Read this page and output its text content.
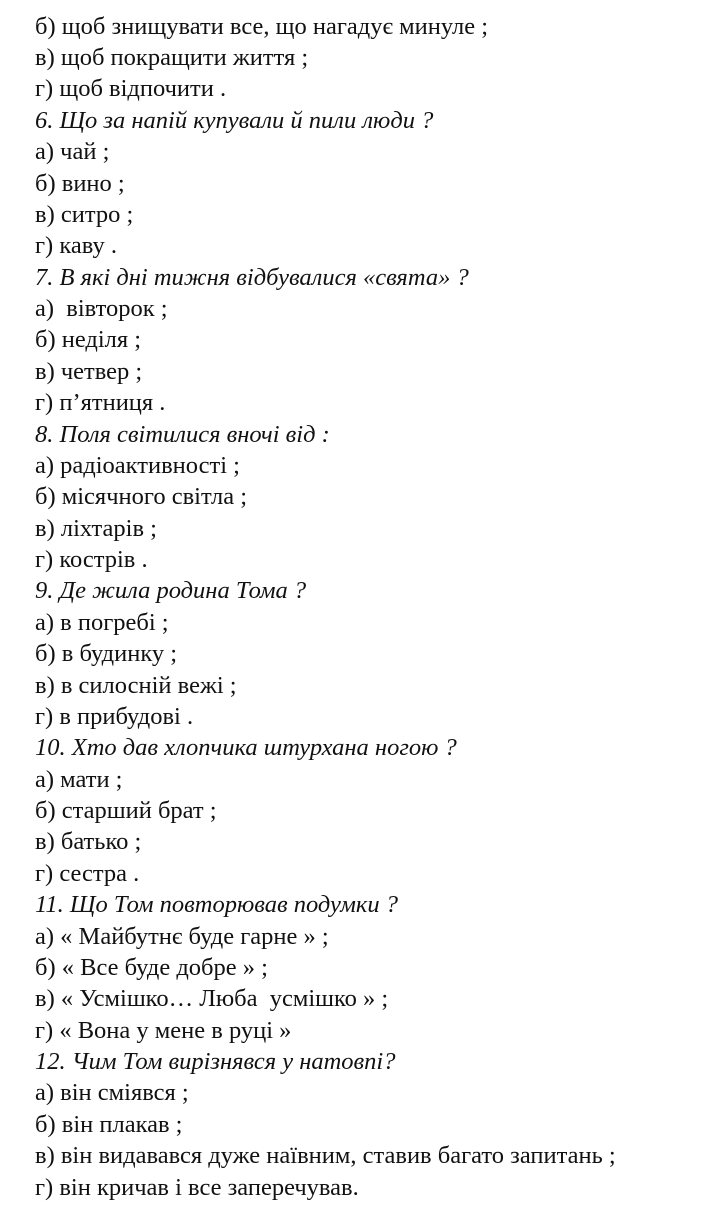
б) щоб знищувати все, що нагадує минуле ;
в) щоб покращити життя ;
г) щоб відпочити .
6. Що за напій купували й пили люди ?
а) чай ;
б) вино ;
в) ситро ;
г) каву .
7. В які дні тижня відбувалися «свята» ?
а)  вівторок ;
б) неділя ;
в) четвер ;
г) п’ятниця .
8. Поля світилися вночі від :
а) радіоактивності ;
б) місячного світла ;
в) ліхтарів ;
г) кострів .
9. Де жила родина Тома ?
а) в погребі ;
б) в будинку ;
в) в силосній вежі ;
г) в прибудові .
10. Хто дав хлопчика штурхана ногою ?
а) мати ;
б) старший брат ;
в) батько ;
г) сестра .
11. Що Том повторював подумки ?
а) « Майбутнє буде гарне » ;
б) « Все буде добре » ;
в) « Усмішко… Люба  усмішко » ;
г) « Вона у мене в руці »
12. Чим Том вирізнявся у натовпі?
а) він сміявся ;
б) він плакав ;
в) він видавався дуже наївним, ставив багато запитань ;
г) він кричав і все заперечував.
